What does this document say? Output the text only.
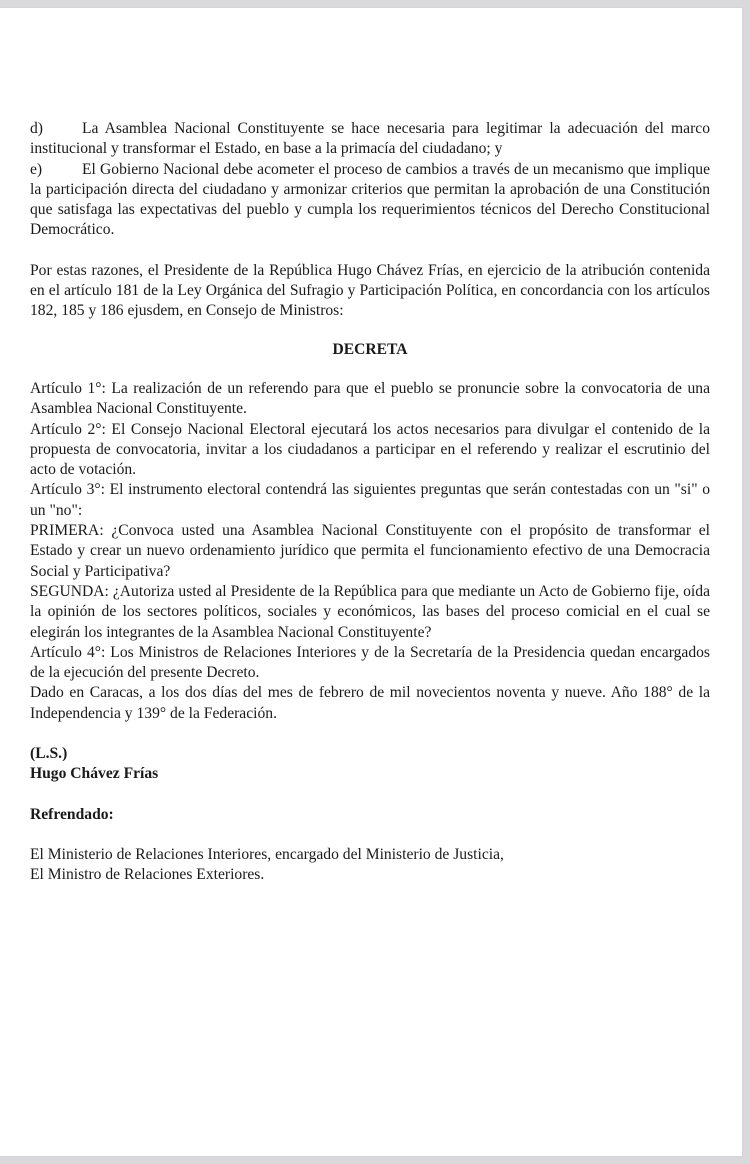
d)	La Asamblea Nacional Constituyente se hace necesaria para legitimar la adecuación del marco institucional y transformar el Estado, en base a la primacía del ciudadano; y

e)	El Gobierno Nacional debe acometer el proceso de cambios a través de un mecanismo que implique la participación directa del ciudadano y armonizar criterios que permitan la aprobación de una Constitución que satisfaga las expectativas del pueblo y cumpla los requerimientos técnicos del Derecho Constitucional Democrático.

Por estas razones, el Presidente de la República Hugo Chávez Frías, en ejercicio de la atribución contenida en el artículo 181 de la Ley Orgánica del Sufragio y Participación Política, en concordancia con los artículos 182, 185 y 186 ejusdem, en Consejo de Ministros:

DECRETA

Artículo 1°: La realización de un referendo para que el pueblo se pronuncie sobre la convocatoria de una Asamblea Nacional Constituyente.

Artículo 2°: El Consejo Nacional Electoral ejecutará los actos necesarios para divulgar el contenido de la propuesta de convocatoria, invitar a los ciudadanos a participar en el referendo y realizar el escrutinio del acto de votación.

Artículo 3°: El instrumento electoral contendrá las siguientes preguntas que serán contestadas con un "si" o un "no":

PRIMERA: ¿Convoca usted una Asamblea Nacional Constituyente con el propósito de transformar el Estado y crear un nuevo ordenamiento jurídico que permita el funcionamiento efectivo de una Democracia Social y Participativa?

SEGUNDA: ¿Autoriza usted al Presidente de la República para que mediante un Acto de Gobierno fije, oída la opinión de los sectores políticos, sociales y económicos, las bases del proceso comicial en el cual se elegirán los integrantes de la Asamblea Nacional Constituyente?

Artículo 4°: Los Ministros de Relaciones Interiores y de la Secretaría de la Presidencia quedan encargados de la ejecución del presente Decreto.

Dado en Caracas, a los dos días del mes de febrero de mil novecientos noventa y nueve. Año 188° de la Independencia y 139° de la Federación.

(L.S.)

Hugo Chávez Frías

Refrendado:

El Ministerio de Relaciones Interiores, encargado del Ministerio de Justicia,

El Ministro de Relaciones Exteriores.
